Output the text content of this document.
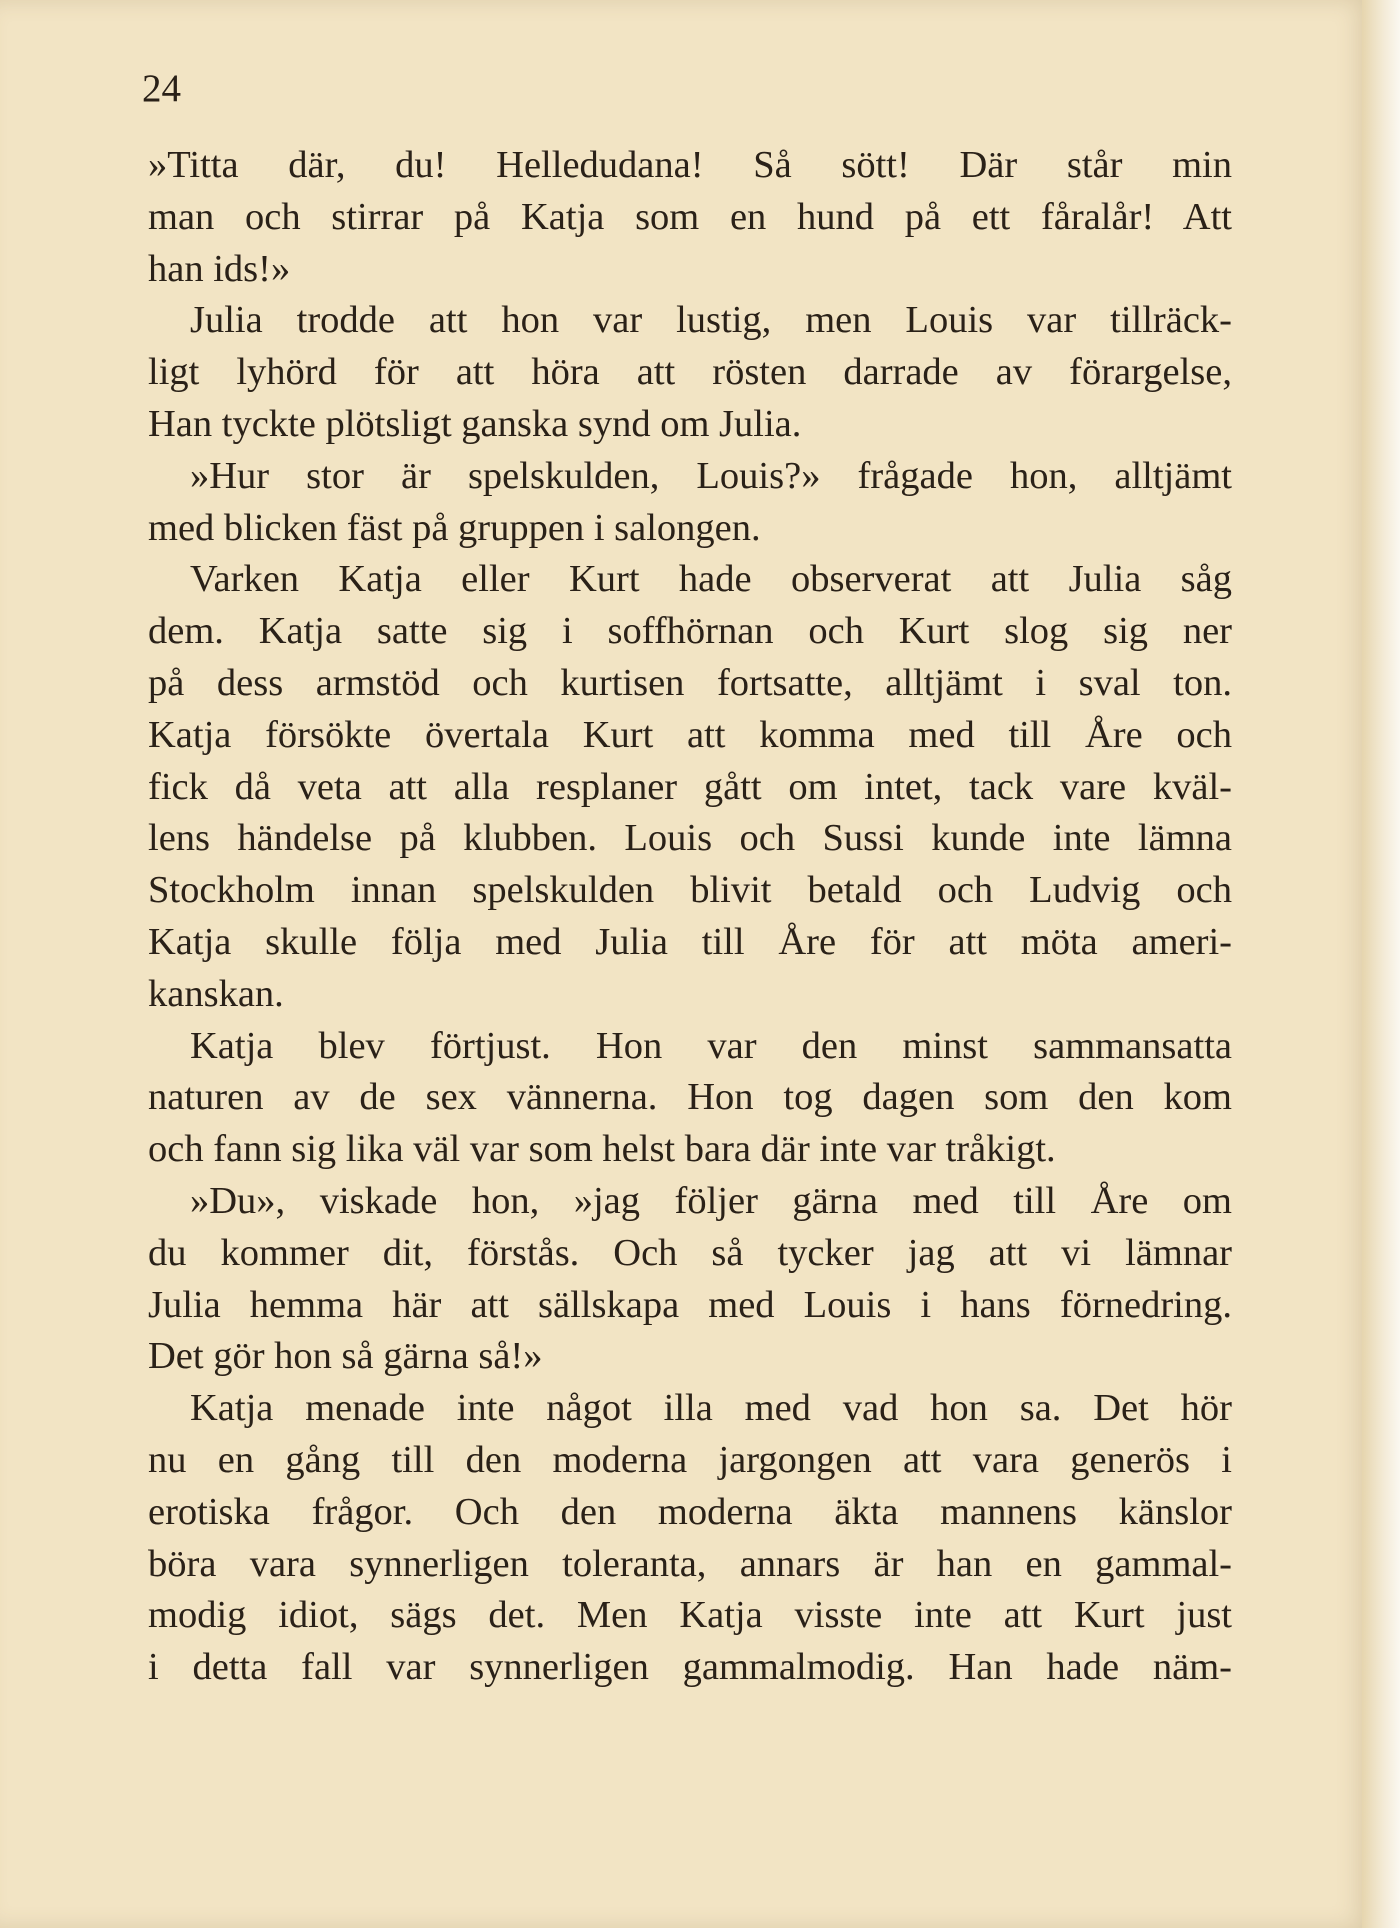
24

»Titta där, du! Helledudana! Så sött! Där står min
man och stirrar på Katja som en hund på ett fåralår! Att
han ids!»
Julia trodde att hon var lustig, men Louis var tillräck-
ligt lyhörd för att höra att rösten darrade av förargelse,
Han tyckte plötsligt ganska synd om Julia.
»Hur stor är spelskulden, Louis?» frågade hon, alltjämt
med blicken fäst på gruppen i salongen.
Varken Katja eller Kurt hade observerat att Julia såg
dem. Katja satte sig i soffhörnan och Kurt slog sig ner
på dess armstöd och kurtisen fortsatte, alltjämt i sval ton.
Katja försökte övertala Kurt att komma med till Åre och
fick då veta att alla resplaner gått om intet, tack vare kväl-
lens händelse på klubben. Louis och Sussi kunde inte lämna
Stockholm innan spelskulden blivit betald och Ludvig och
Katja skulle följa med Julia till Åre för att möta ameri-
kanskan.
Katja blev förtjust. Hon var den minst sammansatta
naturen av de sex vännerna. Hon tog dagen som den kom
och fann sig lika väl var som helst bara där inte var tråkigt.
»Du», viskade hon, »jag följer gärna med till Åre om
du kommer dit, förstås. Och så tycker jag att vi lämnar
Julia hemma här att sällskapa med Louis i hans förnedring.
Det gör hon så gärna så!»
Katja menade inte något illa med vad hon sa. Det hör
nu en gång till den moderna jargongen att vara generös i
erotiska frågor. Och den moderna äkta mannens känslor
böra vara synnerligen toleranta, annars är han en gammal-
modig idiot, sägs det. Men Katja visste inte att Kurt just
i detta fall var synnerligen gammalmodig. Han hade näm-
